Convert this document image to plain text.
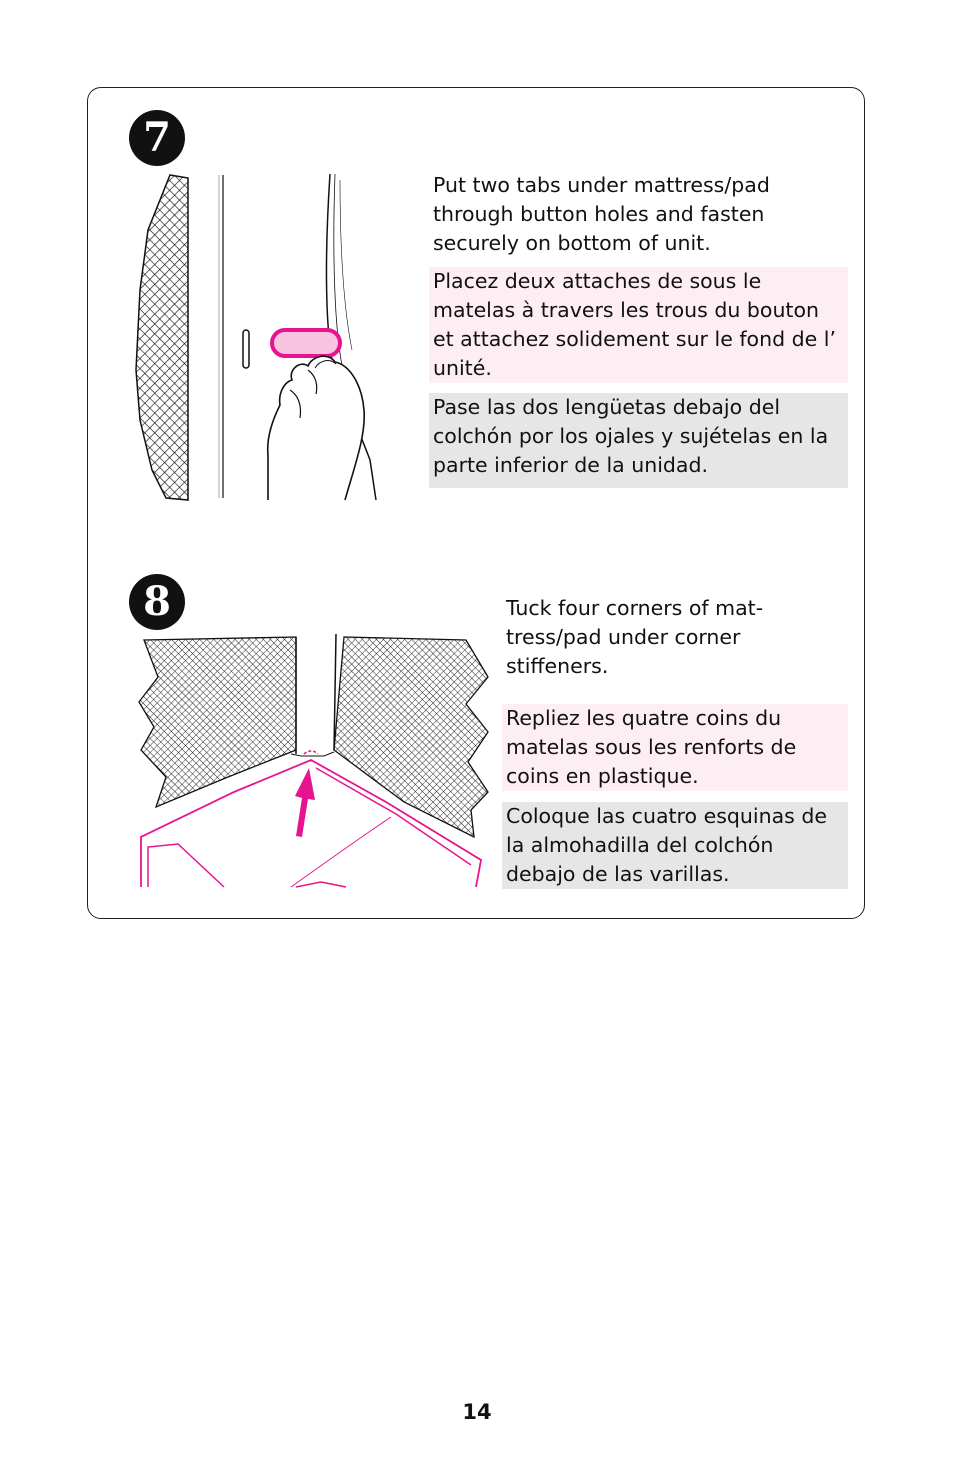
7

Put two tabs under mattress/pad through button holes and fasten securely on bottom of unit.

Placez deux attaches de sous le matelas à travers les trous du bouton et attachez solidement sur le fond de l’ unité.

Pase las dos lengüetas debajo del colchón por los ojales y sujételas en la parte inferior de la unidad.

8	Tuck four corners of mat-tress/pad under corner stiffeners.

Repliez les quatre coins du matelas sous les renforts de coins en plastique.

Coloque las cuatro esquinas de la almohadilla del colchón debajo de las varillas.

14
